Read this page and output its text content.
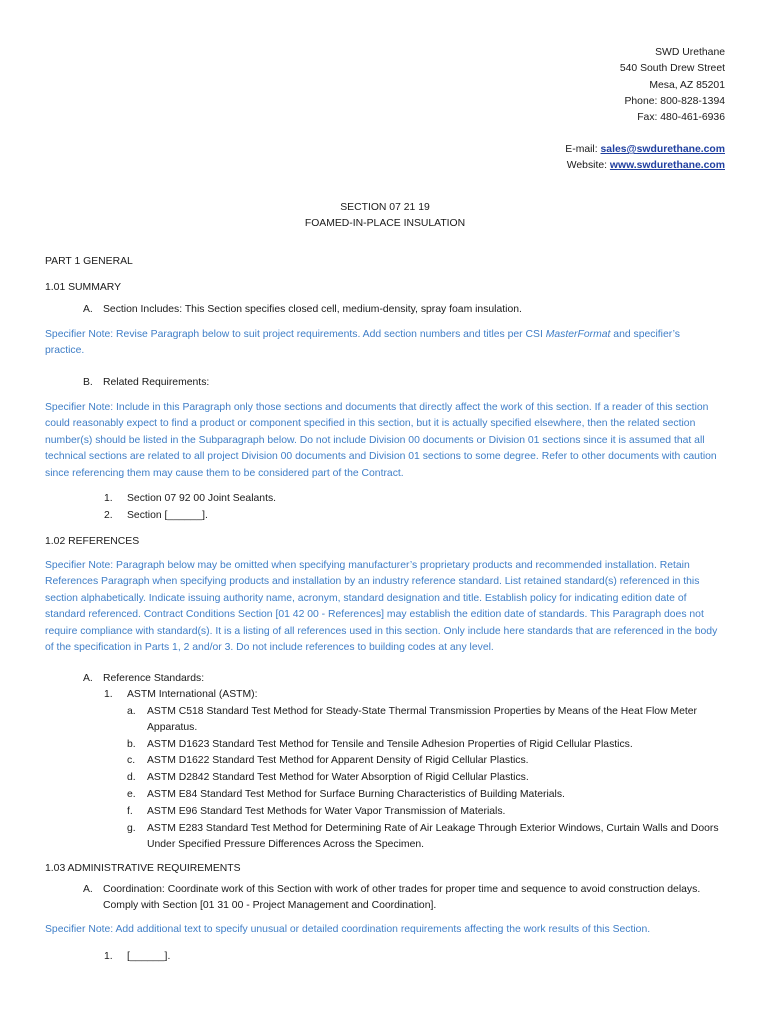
SWD Urethane
540 South Drew Street
Mesa, AZ 85201
Phone: 800-828-1394
Fax: 480-461-6936
E-mail: sales@swdurethane.com
Website: www.swdurethane.com
SECTION 07 21 19
FOAMED-IN-PLACE INSULATION
PART 1 GENERAL
1.01 SUMMARY
A. Section Includes: This Section specifies closed cell, medium-density, spray foam insulation.
Specifier Note: Revise Paragraph below to suit project requirements. Add section numbers and titles per CSI MasterFormat and specifier’s practice.
B. Related Requirements:
Specifier Note: Include in this Paragraph only those sections and documents that directly affect the work of this section. If a reader of this section could reasonably expect to find a product or component specified in this section, but it is actually specified elsewhere, then the related section number(s) should be listed in the Subparagraph below. Do not include Division 00 documents or Division 01 sections since it is assumed that all technical sections are related to all project Division 00 documents and Division 01 sections to some degree. Refer to other documents with caution since referencing them may cause them to be considered part of the Contract.
1. Section 07 92 00 Joint Sealants.
2. Section [______].
1.02 REFERENCES
Specifier Note: Paragraph below may be omitted when specifying manufacturer’s proprietary products and recommended installation. Retain References Paragraph when specifying products and installation by an industry reference standard. List retained standard(s) referenced in this section alphabetically. Indicate issuing authority name, acronym, standard designation and title. Establish policy for indicating edition date of standard referenced. Contract Conditions Section [01 42 00 - References] may establish the edition date of standards. This Paragraph does not require compliance with standard(s). It is a listing of all references used in this section. Only include here standards that are referenced in the body of the specification in Parts 1, 2 and/or 3. Do not include references to building codes at any level.
A. Reference Standards:
1. ASTM International (ASTM):
a. ASTM C518 Standard Test Method for Steady-State Thermal Transmission Properties by Means of the Heat Flow Meter Apparatus.
b. ASTM D1623 Standard Test Method for Tensile and Tensile Adhesion Properties of Rigid Cellular Plastics.
c. ASTM D1622 Standard Test Method for Apparent Density of Rigid Cellular Plastics.
d. ASTM D2842 Standard Test Method for Water Absorption of Rigid Cellular Plastics.
e. ASTM E84 Standard Test Method for Surface Burning Characteristics of Building Materials.
f. ASTM E96 Standard Test Methods for Water Vapor Transmission of Materials.
g. ASTM E283 Standard Test Method for Determining Rate of Air Leakage Through Exterior Windows, Curtain Walls and Doors Under Specified Pressure Differences Across the Specimen.
1.03 ADMINISTRATIVE REQUIREMENTS
A. Coordination: Coordinate work of this Section with work of other trades for proper time and sequence to avoid construction delays. Comply with Section [01 31 00 - Project Management and Coordination].
Specifier Note: Add additional text to specify unusual or detailed coordination requirements affecting the work results of this Section.
1. [______].
